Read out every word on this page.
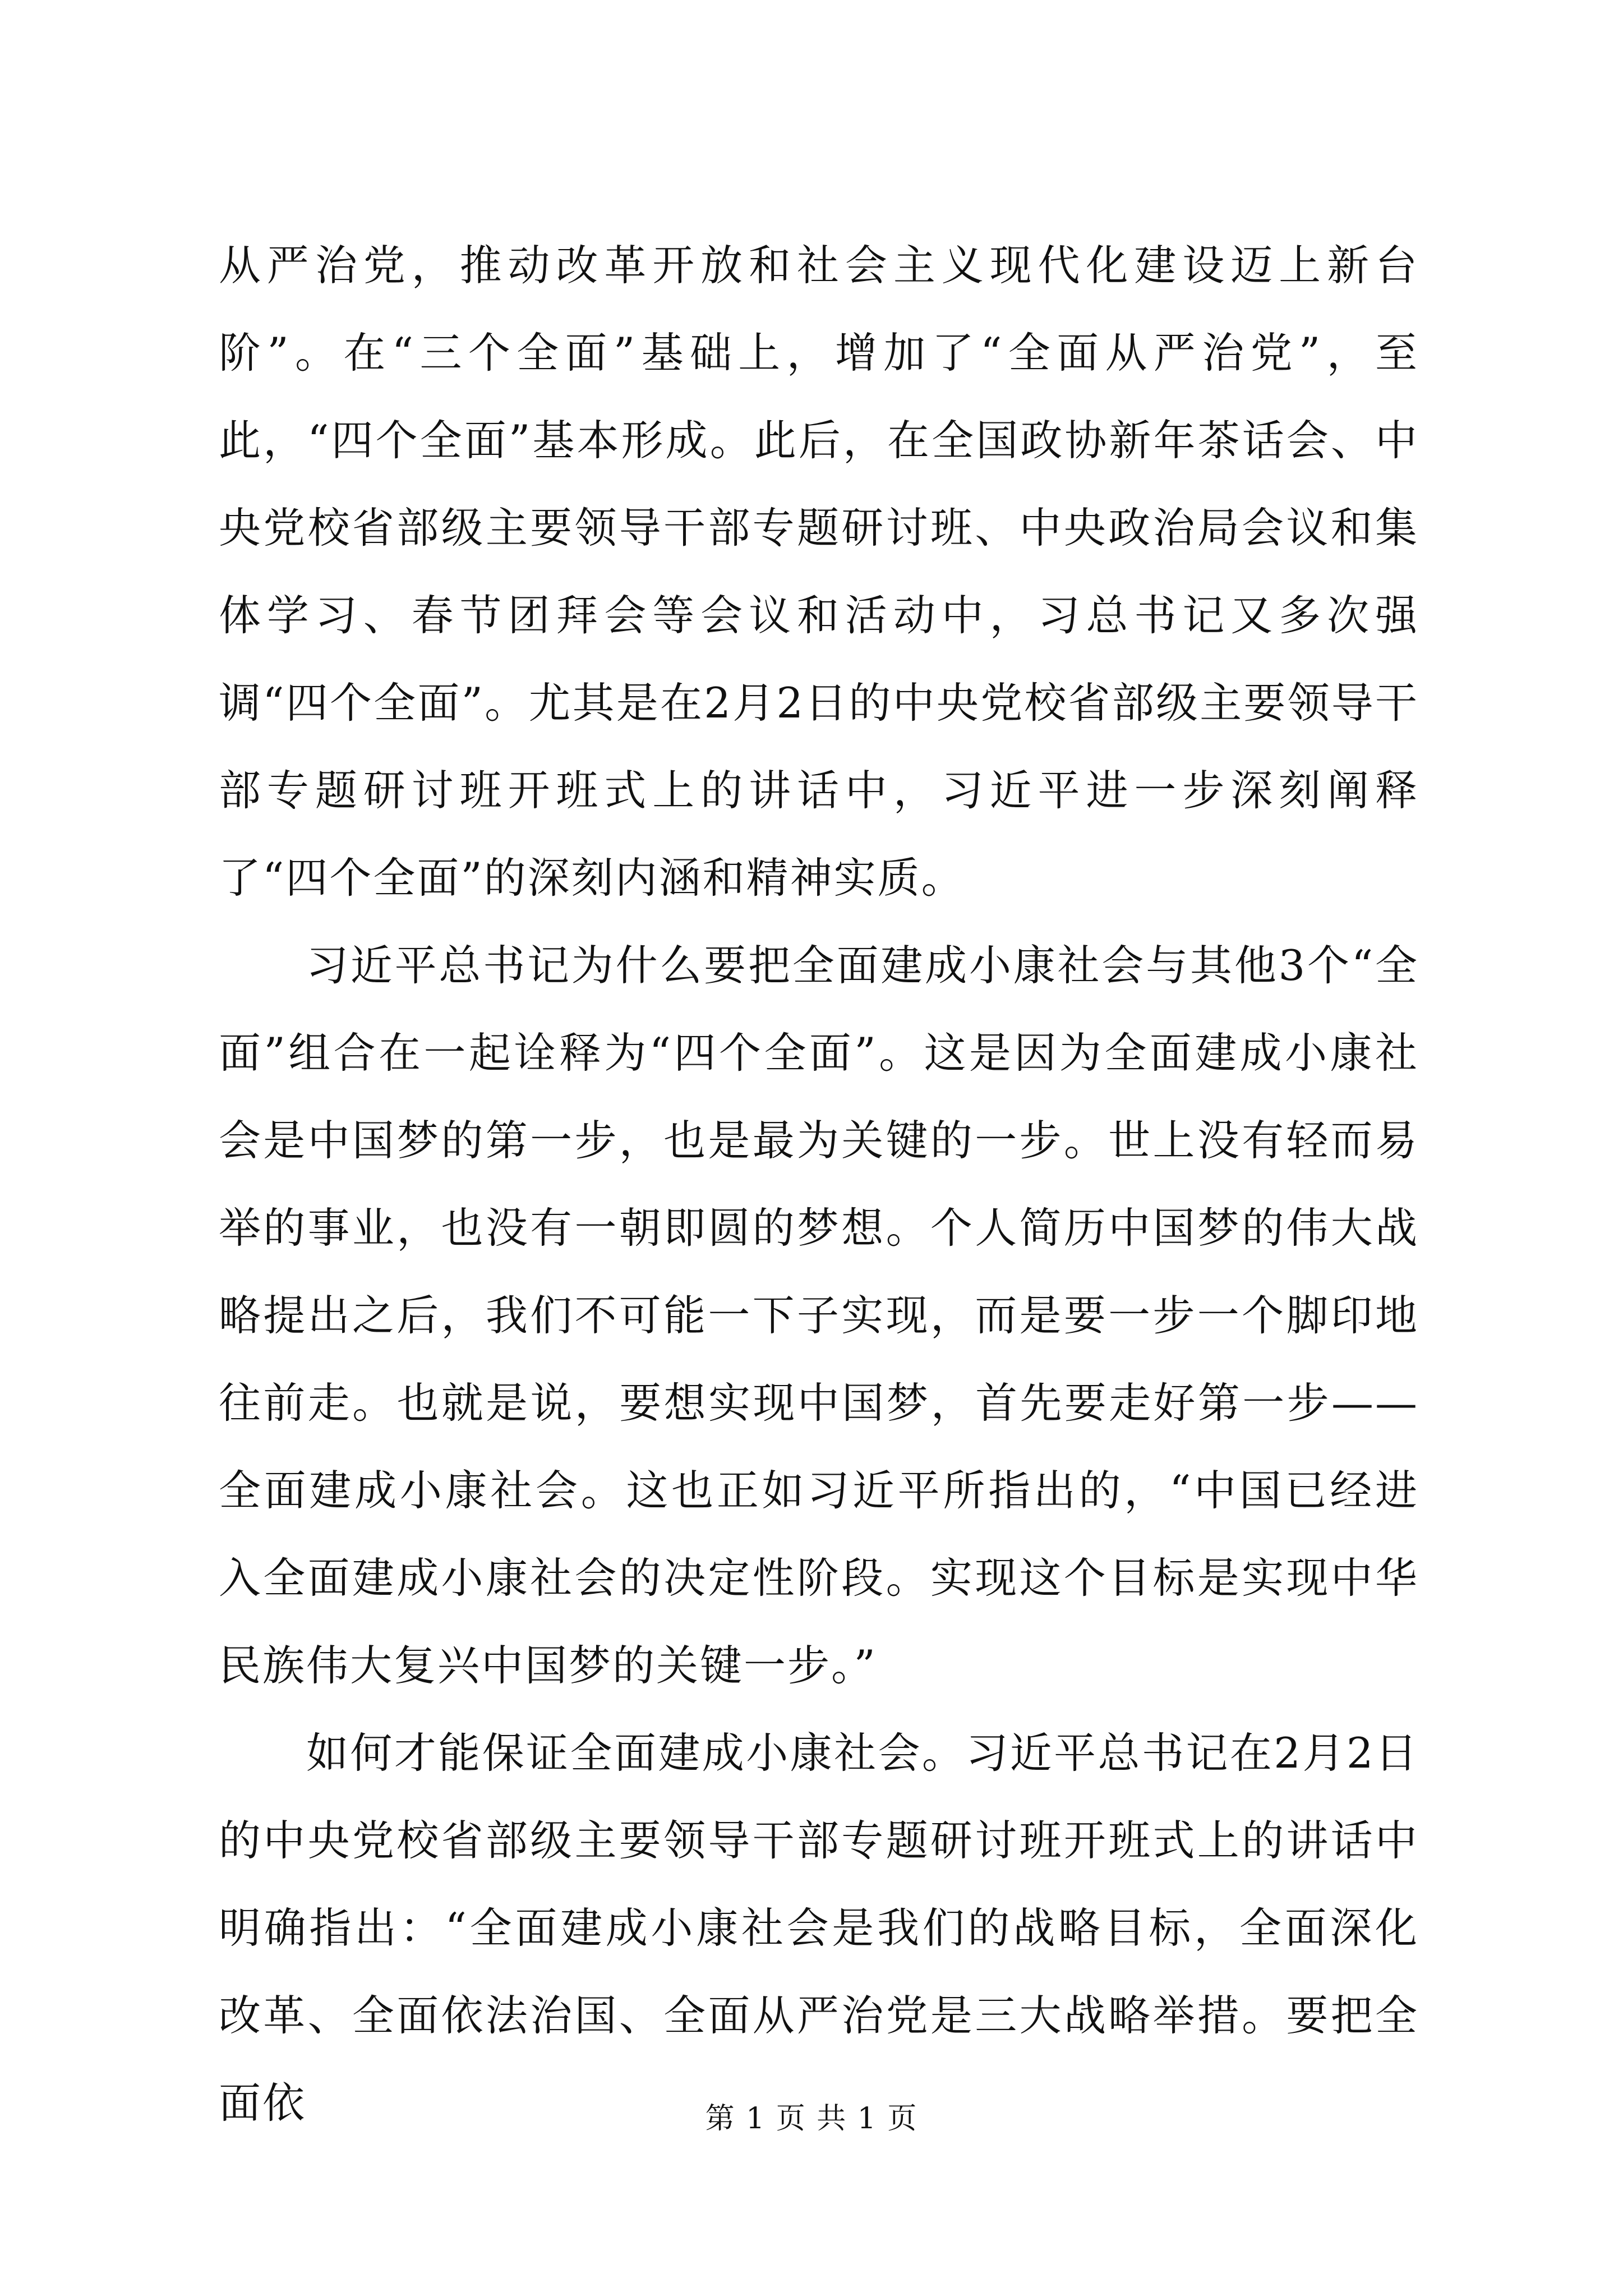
从严治党，推动改革开放和社会主义现代化建设迈上新台阶”。在“三个全面”基础上，增加了“全面从严治党”，至此，“四个全面”基本形成。此后，在全国政协新年茶话会、中央党校省部级主要领导干部专题研讨班、中央政治局会议和集体学习、春节团拜会等会议和活动中，习总书记又多次强调“四个全面”。尤其是在2月2日的中央党校省部级主要领导干部专题研讨班开班式上的讲话中，习近平进一步深刻阐释了“四个全面”的深刻内涵和精神实质。

习近平总书记为什么要把全面建成小康社会与其他3个“全面”组合在一起诠释为“四个全面”。这是因为全面建成小康社会是中国梦的第一步，也是最为关键的一步。世上没有轻而易举的事业，也没有一朝即圆的梦想。个人简历中国梦的伟大战略提出之后，我们不可能一下子实现，而是要一步一个脚印地往前走。也就是说，要想实现中国梦，首先要走好第一步——全面建成小康社会。这也正如习近平所指出的，“中国已经进入全面建成小康社会的决定性阶段。实现这个目标是实现中华民族伟大复兴中国梦的关键一步。”

如何才能保证全面建成小康社会。习近平总书记在2月2日的中央党校省部级主要领导干部专题研讨班开班式上的讲话中明确指出：“全面建成小康社会是我们的战略目标，全面深化改革、全面依法治国、全面从严治党是三大战略举措。要把全面依	第 1 页 共 1 页
